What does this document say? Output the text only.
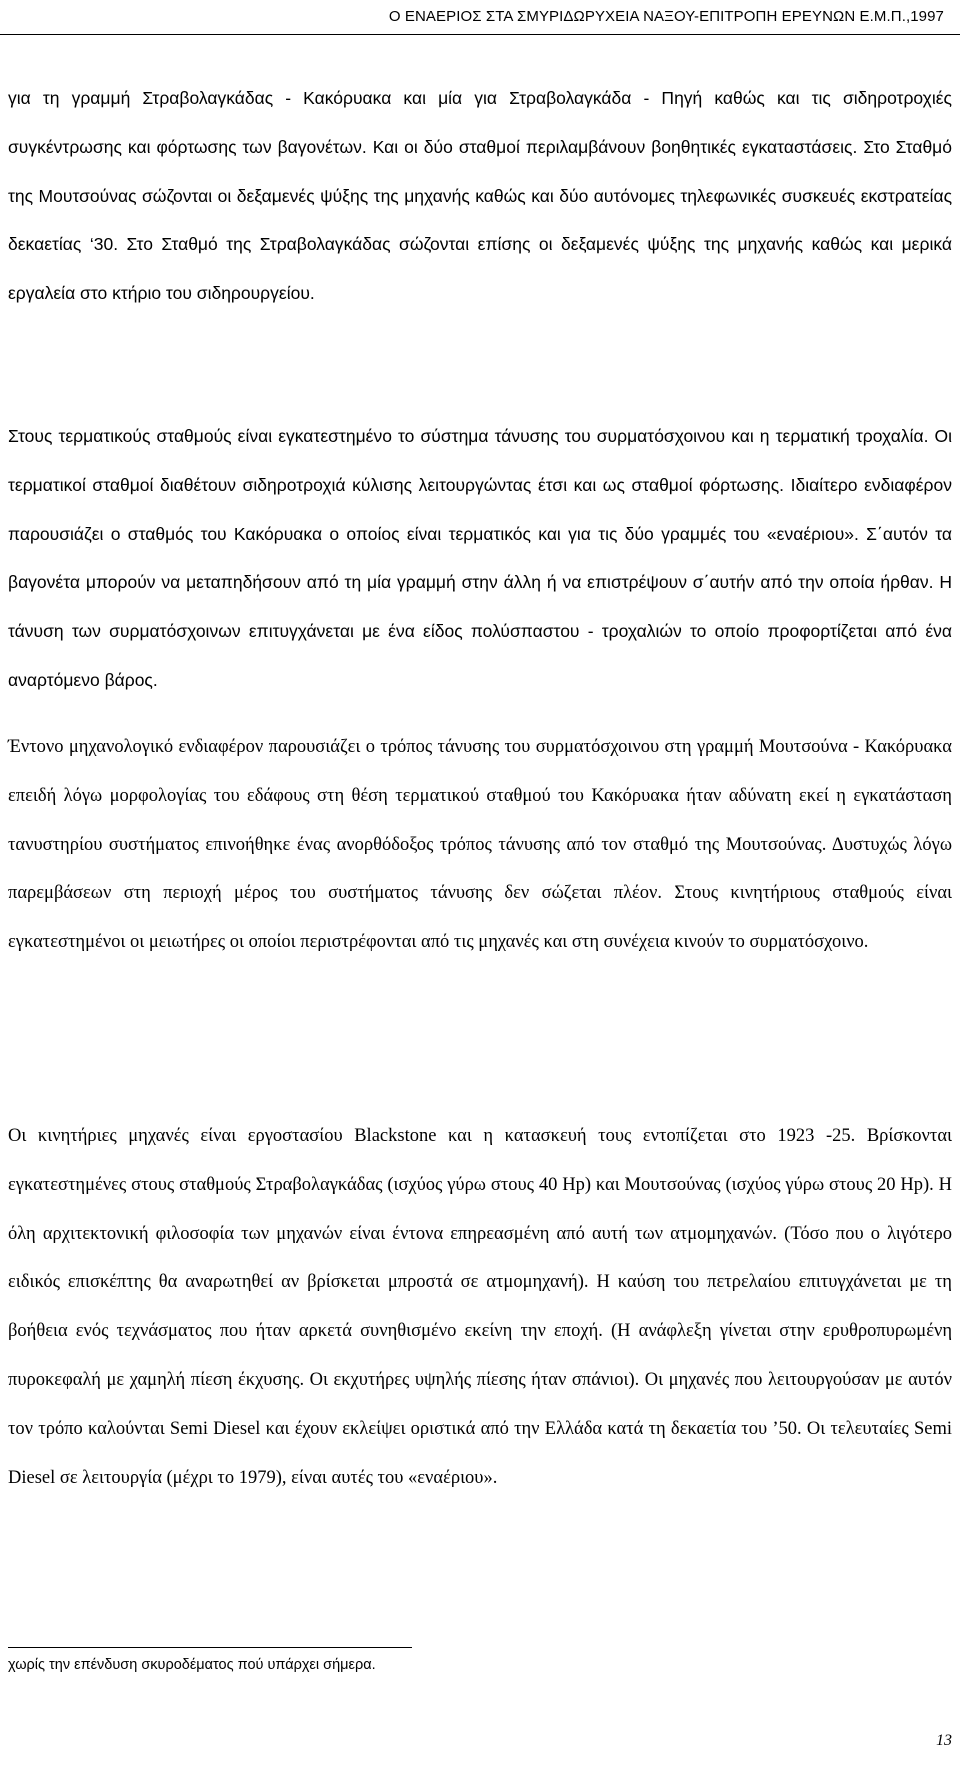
Ο ΕΝΑΕΡΙΟΣ ΣΤΑ ΣΜΥΡΙΔΩΡΥΧΕΙΑ ΝΑΞΟΥ-ΕΠΙΤΡΟΠΗ ΕΡΕΥΝΩΝ Ε.Μ.Π.,1997

για τη γραμμή Στραβολαγκάδας - Κακόρυακα και μία για Στραβολαγκάδα - Πηγή καθώς και τις σιδηροτροχιές συγκέντρωσης και φόρτωσης των βαγονέτων. Και οι δύο σταθμοί περιλαμβάνουν βοηθητικές εγκαταστάσεις. Στο Σταθμό της Μουτσούνας σώζονται οι δεξαμενές ψύξης της μηχανής καθώς και δύο αυτόνομες τηλεφωνικές συσκευές εκστρατείας δεκαετίας ‘30. Στο Σταθμό της Στραβολαγκάδας σώζονται επίσης οι δεξαμενές ψύξης της μηχανής καθώς και μερικά εργαλεία στο κτήριο του σιδηρουργείου.

Στους τερματικούς σταθμούς είναι εγκατεστημένο το σύστημα τάνυσης του συρματόσχοινου και η τερματική τροχαλία. Οι τερματικοί σταθμοί διαθέτουν σιδηροτροχιά κύλισης λειτουργώντας έτσι και ως σταθμοί φόρτωσης. Ιδιαίτερο ενδιαφέρον παρουσιάζει ο σταθμός του Κακόρυακα ο οποίος είναι τερματικός και για τις δύο γραμμές του «εναέριου». Σ΄αυτόν τα βαγονέτα μπορούν να μεταπηδήσουν από τη μία γραμμή στην άλλη ή να επιστρέψουν σ΄αυτήν από την οποία ήρθαν. Η τάνυση των συρματόσχοινων επιτυγχάνεται με ένα είδος πολύσπαστου - τροχαλιών το οποίο προφορτίζεται από ένα αναρτόμενο βάρος.

Έντονο μηχανολογικό ενδιαφέρον παρουσιάζει ο τρόπος τάνυσης του συρματόσχοινου στη γραμμή Μουτσούνα - Κακόρυακα επειδή λόγω μορφολογίας του εδάφους στη θέση τερματικού σταθμού του Κακόρυακα ήταν αδύνατη εκεί η εγκατάσταση τανυστηρίου συστήματος επινοήθηκε ένας ανορθόδοξος τρόπος τάνυσης από τον σταθμό της Μουτσούνας. Δυστυχώς λόγω παρεμβάσεων στη περιοχή μέρος του συστήματος τάνυσης δεν σώζεται πλέον. Στους κινητήριους σταθμούς είναι εγκατεστημένοι οι μειωτήρες οι οποίοι περιστρέφονται από τις μηχανές και στη συνέχεια κινούν το συρματόσχοινο.

Οι κινητήριες μηχανές είναι εργοστασίου Blackstone και η κατασκευή τους εντοπίζεται στο 1923 -25. Βρίσκονται εγκατεστημένες στους σταθμούς Στραβολαγκάδας (ισχύος γύρω στους 40 Hp) και Μουτσούνας (ισχύος γύρω στους 20 Hp). Η όλη αρχιτεκτονική φιλοσοφία των μηχανών είναι έντονα επηρεασμένη από αυτή των ατμομηχανών. (Τόσο που ο λιγότερο ειδικός επισκέπτης θα αναρωτηθεί αν βρίσκεται μπροστά σε ατμομηχανή). Η καύση του πετρελαίου επιτυγχάνεται με τη βοήθεια ενός τεχνάσματος που ήταν αρκετά συνηθισμένο εκείνη την εποχή. (Η ανάφλεξη γίνεται στην ερυθροπυρωμένη πυροκεφαλή με χαμηλή πίεση έκχυσης. Οι εκχυτήρες υψηλής πίεσης ήταν σπάνιοι). Οι μηχανές που λειτουργούσαν με αυτόν τον τρόπο καλούνται Semi Diesel και έχουν εκλείψει οριστικά από την Ελλάδα κατά τη δεκαετία του ’50. Οι τελευταίες Semi Diesel σε λειτουργία (μέχρι το 1979), είναι αυτές του «εναέριου».

χωρίς την επένδυση σκυροδέματος πού υπάρχει σήμερα.
13
